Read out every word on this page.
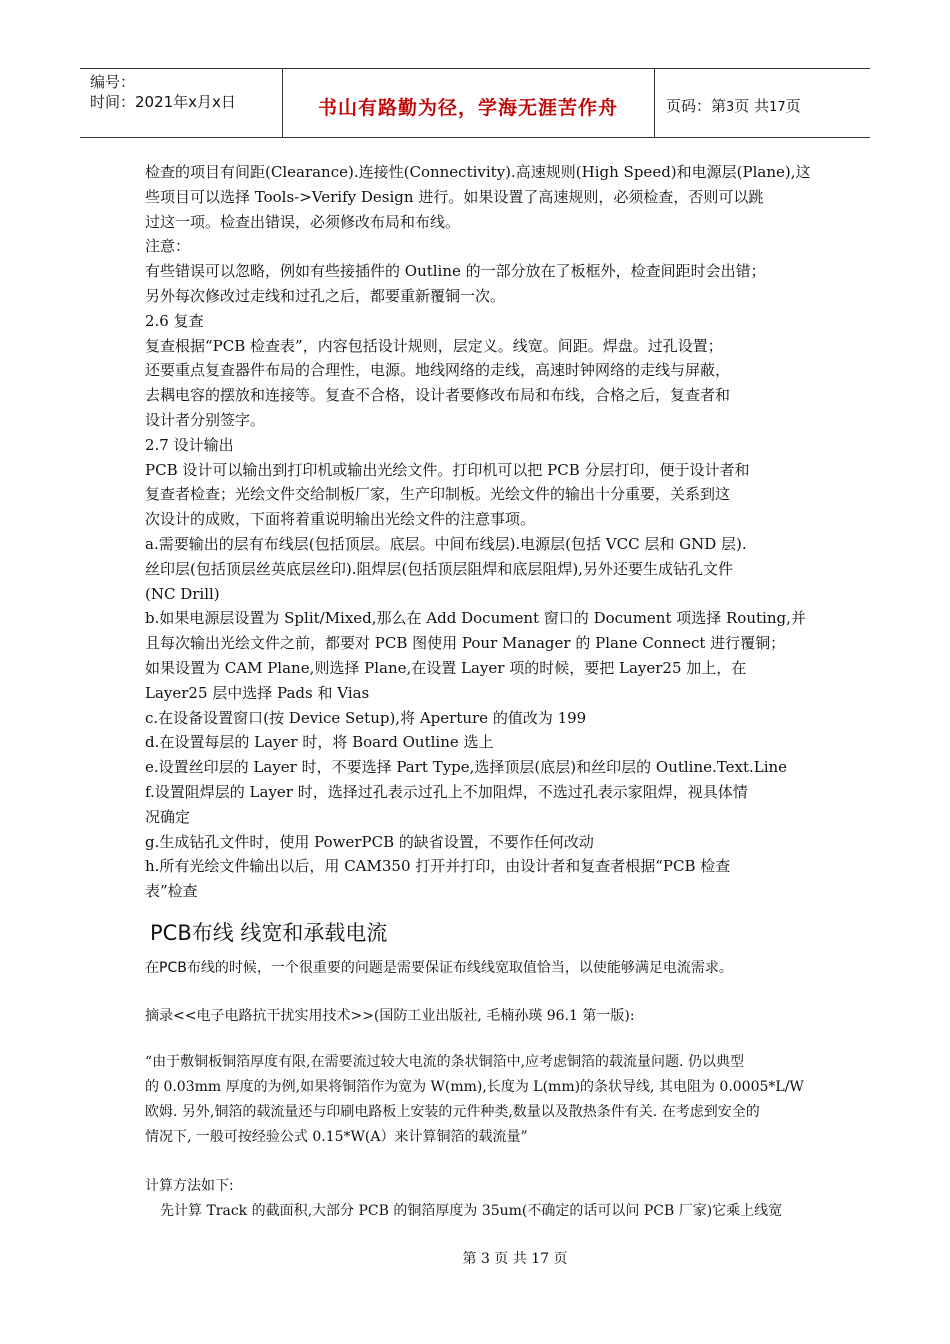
编号：
时间：2021年x月x日	书山有路勤为径，学海无涯苦作舟	页码：第3页 共17页

检查的项目有间距(Clearance).连接性(Connectivity).高速规则(High Speed)和电源层(Plane),这

些项目可以选择 Tools->Verify Design 进行。如果设置了高速规则，必须检查，否则可以跳

过这一项。检查出错误，必须修改布局和布线。

注意：

有些错误可以忽略，例如有些接插件的 Outline 的一部分放在了板框外，检查间距时会出错；

另外每次修改过走线和过孔之后，都要重新覆铜一次。

2.6 复查

复查根据“PCB 检查表”，内容包括设计规则，层定义。线宽。间距。焊盘。过孔设置；

还要重点复查器件布局的合理性，电源。地线网络的走线，高速时钟网络的走线与屏蔽，

去耦电容的摆放和连接等。复查不合格，设计者要修改布局和布线，合格之后，复查者和

设计者分别签字。

2.7 设计输出

PCB 设计可以输出到打印机或输出光绘文件。打印机可以把 PCB 分层打印，便于设计者和

复查者检查；光绘文件交给制板厂家，生产印制板。光绘文件的输出十分重要，关系到这

次设计的成败，下面将着重说明输出光绘文件的注意事项。

a.需要输出的层有布线层(包括顶层。底层。中间布线层).电源层(包括 VCC 层和 GND 层).

丝印层(包括顶层丝英底层丝印).阻焊层(包括顶层阻焊和底层阻焊),另外还要生成钻孔文件

(NC Drill)

b.如果电源层设置为 Split/Mixed,那么在 Add Document 窗口的 Document 项选择 Routing,并

且每次输出光绘文件之前，都要对 PCB 图使用 Pour Manager 的 Plane Connect 进行覆铜；

如果设置为 CAM Plane,则选择 Plane,在设置 Layer 项的时候，要把 Layer25 加上，在

Layer25 层中选择 Pads 和 Vias

c.在设备设置窗口(按 Device Setup),将 Aperture 的值改为 199

d.在设置每层的 Layer 时，将 Board Outline 选上

e.设置丝印层的 Layer 时，不要选择 Part Type,选择顶层(底层)和丝印层的 Outline.Text.Line

f.设置阻焊层的 Layer 时，选择过孔表示过孔上不加阻焊，不选过孔表示家阻焊，视具体情

况确定

g.生成钻孔文件时，使用 PowerPCB 的缺省设置，不要作任何改动

h.所有光绘文件输出以后，用 CAM350 打开并打印，由设计者和复查者根据“PCB 检查

表”检查

PCB布线 线宽和承载电流
在PCB布线的时候，一个很重要的问题是需要保证布线线宽取值恰当，以使能够满足电流需求。
摘录<<电子电路抗干扰实用技术>>(国防工业出版社, 毛楠孙瑛 96.1 第一版):

“由于敷铜板铜箔厚度有限,在需要流过较大电流的条状铜箔中,应考虑铜箔的载流量问题. 仍以典型

的 0.03mm 厚度的为例,如果将铜箔作为宽为 W(mm),长度为 L(mm)的条状导线, 其电阻为 0.0005*L/W

欧姆. 另外,铜箔的载流量还与印刷电路板上安装的元件种类,数量以及散热条件有关. 在考虑到安全的

情况下, 一般可按经验公式 0.15*W(A）来计算铜箔的载流量”

计算方法如下:
先计算 Track 的截面积,大部分 PCB 的铜箔厚度为 35um(不确定的话可以问 PCB 厂家)它乘上线宽
第 3 页 共 17 页
